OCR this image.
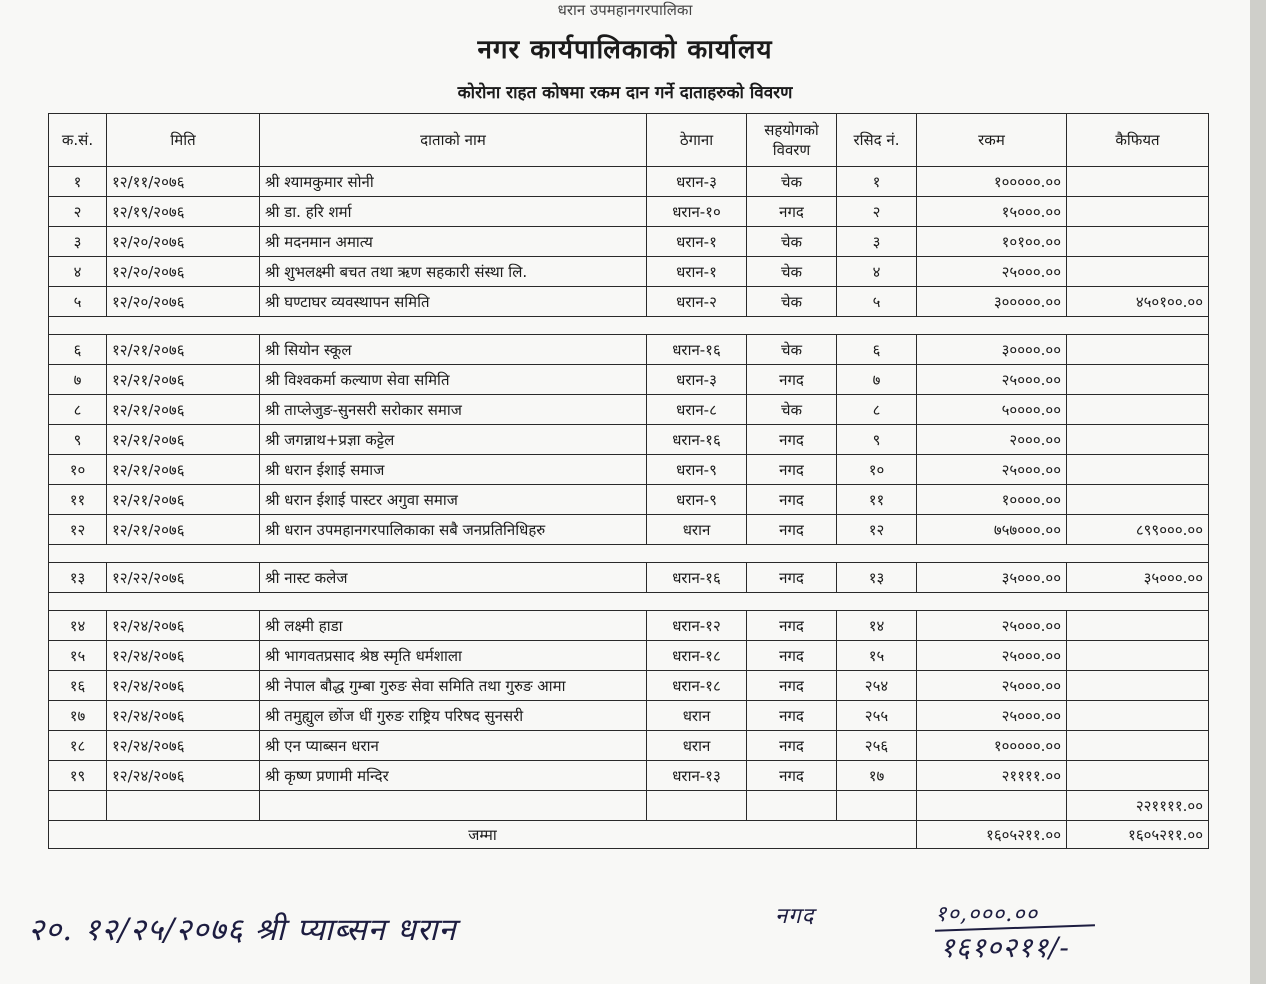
धरान उपमहानगरपालिका
नगर कार्यपालिकाको कार्यालय
कोरोना राहत कोषमा रकम दान गर्ने दाताहरुको विवरण
क.सं.	मिति	दाताको नाम	ठेगाना	सहयोगको विवरण	रसिद नं.	रकम	कैफियत
१	१२/११/२०७६	श्री श्यामकुमार सोनी	धरान-३	चेक	१	१०००००.००	
२	१२/१९/२०७६	श्री डा. हरि शर्मा	धरान-१०	नगद	२	१५०००.००	
३	१२/२०/२०७६	श्री मदनमान अमात्य	धरान-१	चेक	३	१०१००.००	
४	१२/२०/२०७६	श्री शुभलक्ष्मी बचत तथा ऋण सहकारी संस्था लि.	धरान-१	चेक	४	२५०००.००	
५	१२/२०/२०७६	श्री घण्टाघर व्यवस्थापन समिति	धरान-२	चेक	५	३०००००.००	४५०१००.००

६	१२/२१/२०७६	श्री सियोन स्कूल	धरान-१६	चेक	६	३००००.००	
७	१२/२१/२०७६	श्री विश्वकर्मा कल्याण सेवा समिति	धरान-३	नगद	७	२५०००.००	
८	१२/२१/२०७६	श्री ताप्लेजुङ-सुनसरी सरोकार समाज	धरान-८	चेक	८	५००००.००	
९	१२/२१/२०७६	श्री जगन्नाथ+प्रज्ञा कट्टेल	धरान-१६	नगद	९	२०००.००	
१०	१२/२१/२०७६	श्री धरान ईशाई समाज	धरान-९	नगद	१०	२५०००.००	
११	१२/२१/२०७६	श्री धरान ईशाई पास्टर अगुवा समाज	धरान-९	नगद	११	१००००.००	
१२	१२/२१/२०७६	श्री धरान उपमहानगरपालिकाका सबै जनप्रतिनिधिहरु	धरान	नगद	१२	७५७०००.००	८९९०००.००

१३	१२/२२/२०७६	श्री नास्ट कलेज	धरान-१६	नगद	१३	३५०००.००	३५०००.००

१४	१२/२४/२०७६	श्री लक्ष्मी हाडा	धरान-१२	नगद	१४	२५०००.००	
१५	१२/२४/२०७६	श्री भागवतप्रसाद श्रेष्ठ स्मृति धर्मशाला	धरान-१८	नगद	१५	२५०००.००	
१६	१२/२४/२०७६	श्री नेपाल बौद्ध गुम्बा गुरुङ सेवा समिति तथा गुरुङ आमा	धरान-१८	नगद	२५४	२५०००.००	
१७	१२/२४/२०७६	श्री तमुह्युल छोंज धीं गुरुङ राष्ट्रिय परिषद सुनसरी	धरान	नगद	२५५	२५०००.००	
१८	१२/२४/२०७६	श्री एन प्याब्सन धरान	धरान	नगद	२५६	१०००००.००	
१९	१२/२४/२०७६	श्री कृष्ण प्रणामी मन्दिर	धरान-१३	नगद	१७	२११११.००	
							२२११११.००
जम्मा						१६०५२११.००	१६०५२११.००
२०. १२/२५/२०७६ श्री प्याब्सन धरान	नगद	१०,०००.००
१६१०२११/-
